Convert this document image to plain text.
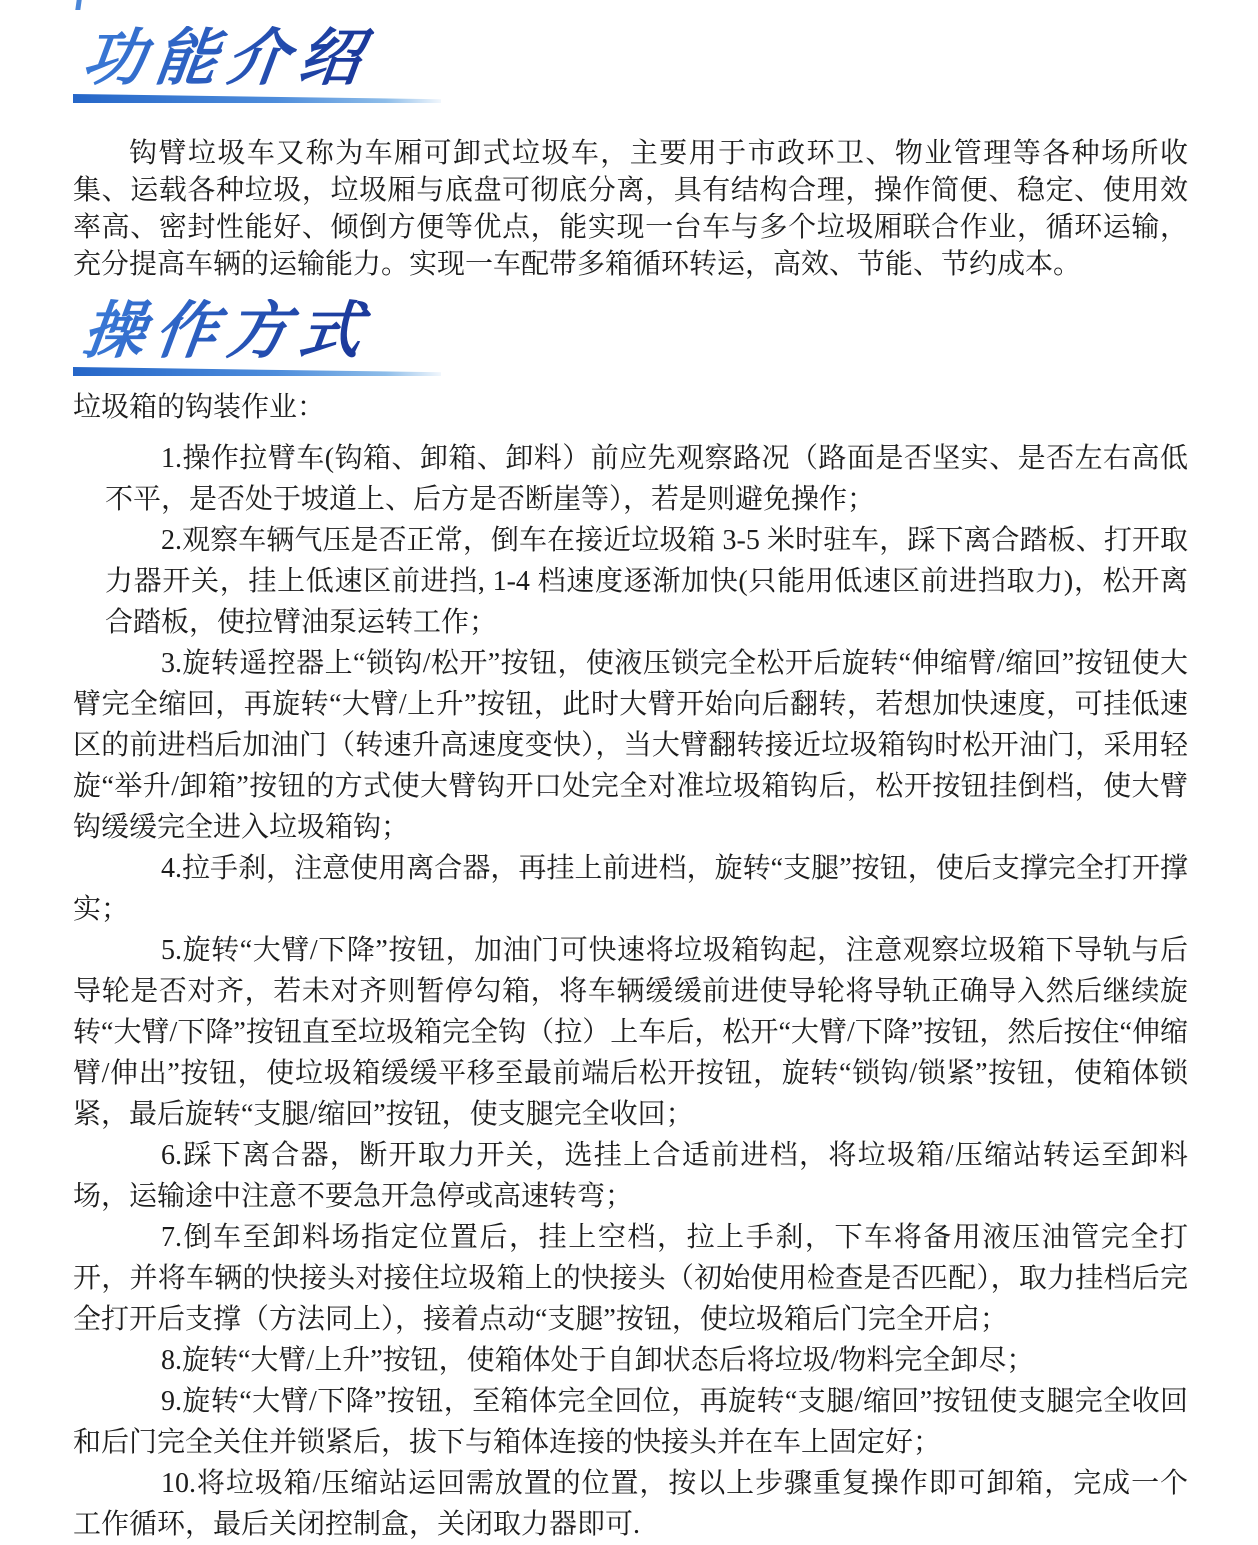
功能介绍

钩臂垃圾车又称为车厢可卸式垃圾车，主要用于市政环卫、物业管理等各种场所收集、运载各种垃圾，垃圾厢与底盘可彻底分离，具有结构合理，操作简便、稳定、使用效率高、密封性能好、倾倒方便等优点，能实现一台车与多个垃圾厢联合作业，循环运输，充分提高车辆的运输能力。实现一车配带多箱循环转运，高效、节能、节约成本。

操作方式

垃圾箱的钩装作业：

1.操作拉臂车(钩箱、卸箱、卸料）前应先观察路况（路面是否坚实、是否左右高低不平，是否处于坡道上、后方是否断崖等），若是则避免操作；

2.观察车辆气压是否正常，倒车在接近垃圾箱 3-5 米时驻车，踩下离合踏板、打开取力器开关，挂上低速区前进挡, 1-4 档速度逐渐加快(只能用低速区前进挡取力)，松开离合踏板，使拉臂油泵运转工作；

3.旋转遥控器上“锁钩/松开”按钮，使液压锁完全松开后旋转“伸缩臂/缩回”按钮使大臂完全缩回，再旋转“大臂/上升”按钮，此时大臂开始向后翻转，若想加快速度，可挂低速区的前进档后加油门（转速升高速度变快），当大臂翻转接近垃圾箱钩时松开油门，采用轻旋“举升/卸箱”按钮的方式使大臂钩开口处完全对准垃圾箱钩后，松开按钮挂倒档，使大臂钩缓缓完全进入垃圾箱钩；

4.拉手刹，注意使用离合器，再挂上前进档，旋转“支腿”按钮，使后支撑完全打开撑实；

5.旋转“大臂/下降”按钮，加油门可快速将垃圾箱钩起，注意观察垃圾箱下导轨与后导轮是否对齐，若未对齐则暂停勾箱，将车辆缓缓前进使导轮将导轨正确导入然后继续旋转“大臂/下降”按钮直至垃圾箱完全钩（拉）上车后，松开“大臂/下降”按钮，然后按住“伸缩臂/伸出”按钮，使垃圾箱缓缓平移至最前端后松开按钮，旋转“锁钩/锁紧”按钮，使箱体锁紧，最后旋转“支腿/缩回”按钮，使支腿完全收回；

6.踩下离合器，断开取力开关，选挂上合适前进档，将垃圾箱/压缩站转运至卸料场，运输途中注意不要急开急停或高速转弯；

7.倒车至卸料场指定位置后，挂上空档，拉上手刹，下车将备用液压油管完全打开，并将车辆的快接头对接住垃圾箱上的快接头（初始使用检查是否匹配），取力挂档后完全打开后支撑（方法同上），接着点动“支腿”按钮，使垃圾箱后门完全开启；

8.旋转“大臂/上升”按钮，使箱体处于自卸状态后将垃圾/物料完全卸尽；

9.旋转“大臂/下降”按钮，至箱体完全回位，再旋转“支腿/缩回”按钮使支腿完全收回和后门完全关住并锁紧后，拔下与箱体连接的快接头并在车上固定好；

10.将垃圾箱/压缩站运回需放置的位置，按以上步骤重复操作即可卸箱，完成一个 工作循环，最后关闭控制盒，关闭取力器即可.
